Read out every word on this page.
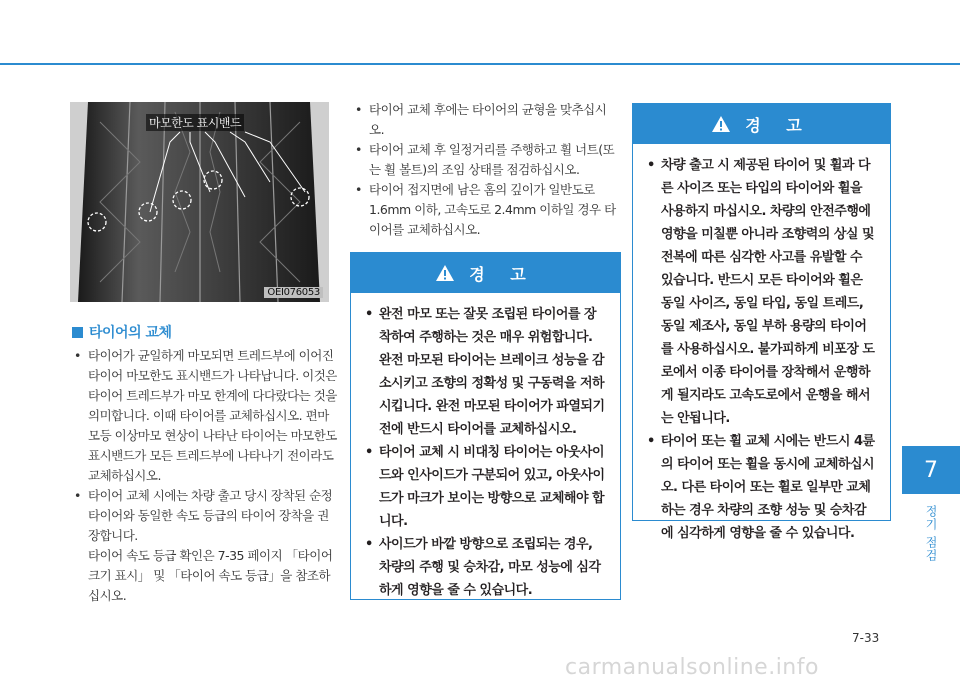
마모한도 표시밴드
OEI076053
타이어의 교체
• 타이어가 균일하게 마모되면 트레드부에 이어진 타이어 마모한도 표시밴드가 나타납니다. 이것은 타이어 트레드부가 마모 한계에 다다랐다는 것을 의미합니다. 이때 타이어를 교체하십시오. 편마모등 이상마모 현상이 나타난 타이어는 마모한도 표시밴드가 모든 트레드부에 나타나기 전이라도 교체하십시오.
• 타이어 교체 시에는 차량 출고 당시 장착된 순정 타이어와 동일한 속도 등급의 타이어 장착을 권장합니다.
타이어 속도 등급 확인은 7-35 페이지 「타이어 크기 표시」 및 「타이어 속도 등급」을 참조하십시오.
• 타이어 교체 후에는 타이어의 균형을 맞추십시오.
• 타이어 교체 후 일정거리를 주행하고 휠 너트(또는 휠 볼트)의 조임 상태를 점검하십시오.
• 타이어 접지면에 남은 홈의 깊이가 일반도로 1.6mm 이하, 고속도로 2.4mm 이하일 경우 타이어를 교체하십시오.
경 고
• 완전 마모 또는 잘못 조립된 타이어를 장착하여 주행하는 것은 매우 위험합니다. 완전 마모된 타이어는 브레이크 성능을 감소시키고 조향의 정확성 및 구동력을 저하시킵니다. 완전 마모된 타이어가 파열되기 전에 반드시 타이어를 교체하십시오.
• 타이어 교체 시 비대칭 타이어는 아웃사이드와 인사이드가 구분되어 있고, 아웃사이드가 마크가 보이는 방향으로 교체해야 합니다.
• 사이드가 바깥 방향으로 조립되는 경우, 차량의 주행 및 승차감, 마모 성능에 심각하게 영향을 줄 수 있습니다.
경 고
• 차량 출고 시 제공된 타이어 및 휠과 다른 사이즈 또는 타입의 타이어와 휠을 사용하지 마십시오. 차량의 안전주행에 영향을 미칠뿐 아니라 조향력의 상실 및 전복에 따른 심각한 사고를 유발할 수 있습니다. 반드시 모든 타이어와 휠은 동일 사이즈, 동일 타입, 동일 트레드, 동일 제조사, 동일 부하 용량의 타이어를 사용하십시오. 불가피하게 비포장 도로에서 이종 타이어를 장착해서 운행하게 될지라도 고속도로에서 운행을 해서는 안됩니다.
• 타이어 또는 휠 교체 시에는 반드시 4륜의 타이어 또는 휠을 동시에 교체하십시오. 다른 타이어 또는 휠로 일부만 교체하는 경우 차량의 조향 성능 및 승차감에 심각하게 영향을 줄 수 있습니다.
7
정기 점검
7-33
carmanualsonline.info
